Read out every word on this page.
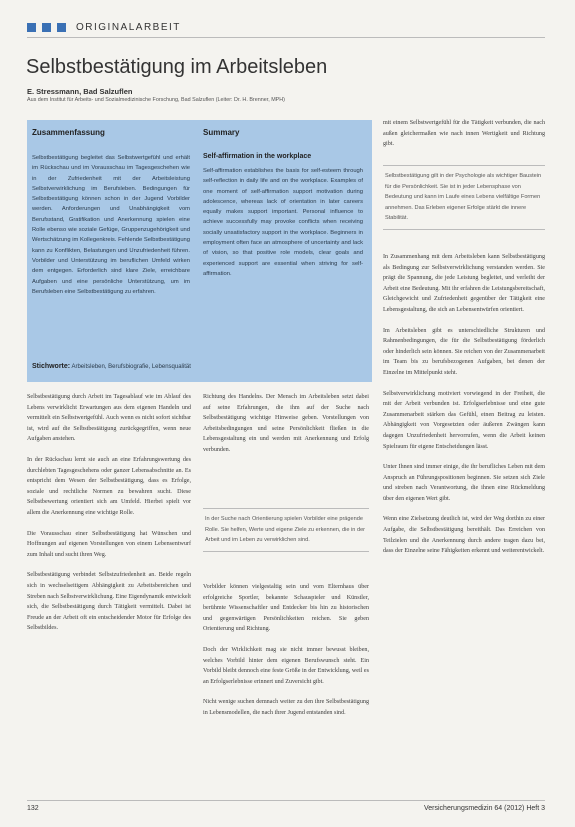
ORIGINALARBEIT
Selbstbestätigung im Arbeitsleben
E. Stressmann, Bad Salzuflen
Aus dem Institut für Arbeits- und Sozialmedizinische Forschung, Bad Salzuflen (Leiter: Dr. H. Brenner, MPH)
Zusammenfassung
Selbstbestätigung begleitet das Selbstwertgefühl und erhält im Rückschau und im Vorausschau im Tagesgeschehen wie in der Zufriedenheit mit der Arbeitsleistung Selbstverwirklichung im Berufsleben. Bedingungen für Selbstbestätigung können schon in der Jugend Vorbilder werden. Anforderungen und Unabhängigkeit vom Berufsstand, Gratifikation und Anerkennung spielen eine Rolle ebenso wie soziale Gefüge, Gruppenzugehörigkeit und Wertschätzung im Kollegenkreis. Fehlende Selbstbestätigung kann zu Konflikten, Belastungen und Unzufriedenheit führen. Vorbilder und Unterstützung im beruflichen Umfeld wirken dem entgegen. Erforderlich sind klare Ziele, erreichbare Aufgaben und eine persönliche Unterstützung, um im Berufsleben eine Selbstbestätigung zu erfahren.
Summary
Self-affirmation in the workplace
Self-affirmation establishes the basis for self-esteem through self-reflection in daily life and on the workplace. Examples of one moment of self-affirmation support motivation during adolescence, whereas lack of orientation in later careers equally makes support important. Personal influence to achieve successfully may provoke conflicts when receiving socially unsatisfactory support in the workplace. Beginners in employment often face an atmosphere of uncertainty and lack of vision, so that positive role models, clear goals and experienced support are essential when striving for self-affirmation.
Stichworte: Arbeitsleben, Berufsbiografie, Lebensqualität

mit einem Selbstwertgefühl für die Tätigkeit verbunden, die nach außen gleichermaßen wie nach innen Wertigkeit und Richtung gibt.

Selbstbestätigung gilt in der Psychologie als wichtiger Baustein für die Persönlichkeit. Sie ist in jeder Lebensphase von Bedeutung und kann im Laufe eines Lebens vielfältige Formen annehmen. Das Erleben eigener Erfolge stärkt die innere Stabilität.

In Zusammenhang mit dem Arbeitsleben kann Selbstbestätigung als Bedingung zur Selbstverwirklichung verstanden werden. Sie prägt die Spannung, die jede Leistung begleitet, und verleiht der Arbeit eine Bedeutung. Mit ihr erfahren die Leistungsbereitschaft, Gleichgewicht und Zufriedenheit gegenüber der Tätigkeit eine Lebensgestaltung, die sich an Lebensentwürfen orientiert.

Im Arbeitsleben gibt es unterschiedliche Strukturen und Rahmenbedingungen, die für die Selbstbestätigung förderlich oder hinderlich sein können. Sie reichen von der Zusammenarbeit im Team bis zu berufsbezogenen Aufgaben, bei denen der Einzelne im Mittelpunkt steht.

Selbstverwirklichung motiviert vorwiegend in der Freiheit, die mit der Arbeit verbunden ist. Erfolgserlebnisse und eine gute Zusammenarbeit stärken das Gefühl, einen Beitrag zu leisten. Abhängigkeit von Vorgesetzten oder äußeren Zwängen kann dagegen Unzufriedenheit hervorrufen, wenn die Arbeit keinen Spielraum für eigene Entscheidungen lässt.

Unter Ihnen sind immer einige, die ihr berufliches Leben mit dem Anspruch an Führungspositionen beginnen. Sie setzen sich Ziele und streben nach Verantwortung, die ihnen eine Rückmeldung über den eigenen Wert gibt.

Wenn eine Zielsetzung deutlich ist, wird der Weg dorthin zu einer Aufgabe, die Selbstbestätigung bereithält. Das Erreichen von Teilzielen und die Anerkennung durch andere tragen dazu bei, dass der Einzelne seine Fähigkeiten erkennt und weiterentwickelt.

Selbstbestätigung durch Arbeit im Tagesablauf wie im Ablauf des Lebens verwirklicht Erwartungen aus dem eigenen Handeln und vermittelt ein Selbstwertgefühl. Auch wenn es nicht sofort sichtbar ist, wird auf die Selbstbestätigung zurückgegriffen, wenn neue Aufgaben anstehen.

In der Rückschau lernt sie auch an eine Erfahrungswertung des durchlebten Tagesgeschehens oder ganzer Lebensabschnitte an. Es entspricht dem Wesen der Selbstbestätigung, dass es Erfolge, soziale und rechtliche Normen zu bewahren sucht. Diese Selbstbewertung orientiert sich am Umfeld. Hierbei spielt vor allem die Anerkennung eine wichtige Rolle.

Die Vorausschau einer Selbstbestätigung hat Wünschen und Hoffnungen auf eigenen Vorstellungen von einem Lebensentwurf zum Inhalt und sucht ihren Weg.

Selbstbestätigung verbindet Selbstzufriedenheit an. Beide regeln sich in wechselseitigem Abhängigkeit zu Arbeitsbereichen und Streben nach Selbstverwirklichung. Eine Eigendynamik entwickelt sich, die Selbstbestätigung durch Tätigkeit vermittelt. Dabei ist Freude an der Arbeit oft ein entscheidender Motor für Erfolge des Selbstbildes.

Richtung des Handelns. Der Mensch im Arbeitsleben setzt dabei auf seine Erfahrungen, die ihm auf der Suche nach Selbstbestätigung wichtige Hinweise geben. Vorstellungen von Arbeitsbedingungen und seine Persönlichkeit fließen in die Lebensgestaltung ein und werden mit Anerkennung und Erfolg verbunden.

In der Suche nach Orientierung spielen Vorbilder eine prägende Rolle. Sie helfen, Werte und eigene Ziele zu erkennen, die in der Arbeit und im Leben zu verwirklichen sind.

Vorbilder können vielgestaltig sein und vom Elternhaus über erfolgreiche Sportler, bekannte Schauspieler und Künstler, berühmte Wissenschaftler und Entdecker bis hin zu historischen und gegenwärtigen Persönlichkeiten reichen. Sie geben Orientierung und Richtung.

Doch der Wirklichkeit mag sie nicht immer bewusst bleiben, welches Vorbild hinter dem eigenen Berufswunsch steht. Ein Vorbild bleibt dennoch eine feste Größe in der Entwicklung, weil es an Erfolgserlebnisse erinnert und Zuversicht gibt.

Nicht wenige suchen demnach weiter zu den ihre Selbstbestätigung in Lebensmodellen, die nach ihrer Jugend entstanden sind.

132	Versicherungsmedizin 64 (2012) Heft 3
